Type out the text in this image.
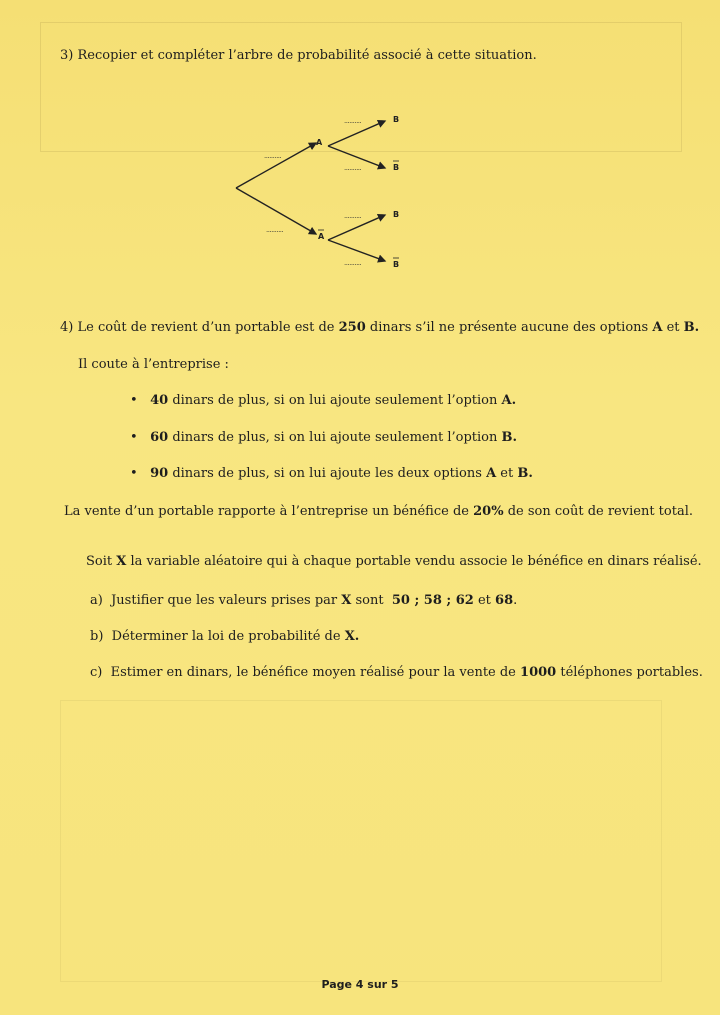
3) Recopier et compléter l’arbre de probabilité associé à cette situation.
A
A
B
B
B
B
..........
..........
..........
..........
..........
..........
4) Le coût de revient d’un portable est de 250 dinars s’il ne présente aucune des options A et B.
Il coute à l’entreprise :
• 40 dinars de plus, si on lui ajoute seulement l’option A.
• 60 dinars de plus, si on lui ajoute seulement l’option B.
• 90 dinars de plus, si on lui ajoute les deux options A et B.
La vente d’un portable rapporte à l’entreprise un bénéfice de 20% de son coût de revient total.
Soit X la variable aléatoire qui à chaque portable vendu associe le bénéfice en dinars réalisé.
a) Justifier que les valeurs prises par X sont 50 ; 58 ; 62 et 68.
b) Déterminer la loi de probabilité de X.
c) Estimer en dinars, le bénéfice moyen réalisé pour la vente de 1000 téléphones portables.
Page 4 sur 5
